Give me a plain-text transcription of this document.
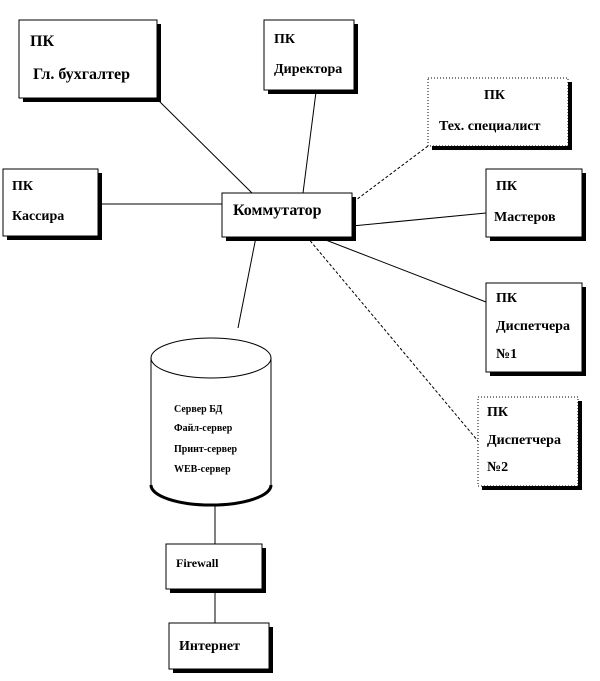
ПК
Гл. бухгалтер
ПК
Директора
ПК
Тех. специалист
ПК
Кассира	Коммутатор
ПК
Мастеров
ПК
Диспетчера
№1
ПК
Диспетчера
№2
Сервер БД
Файл-сервер
Принт-сервер
WEB-сервер
Firewall
Интернет
